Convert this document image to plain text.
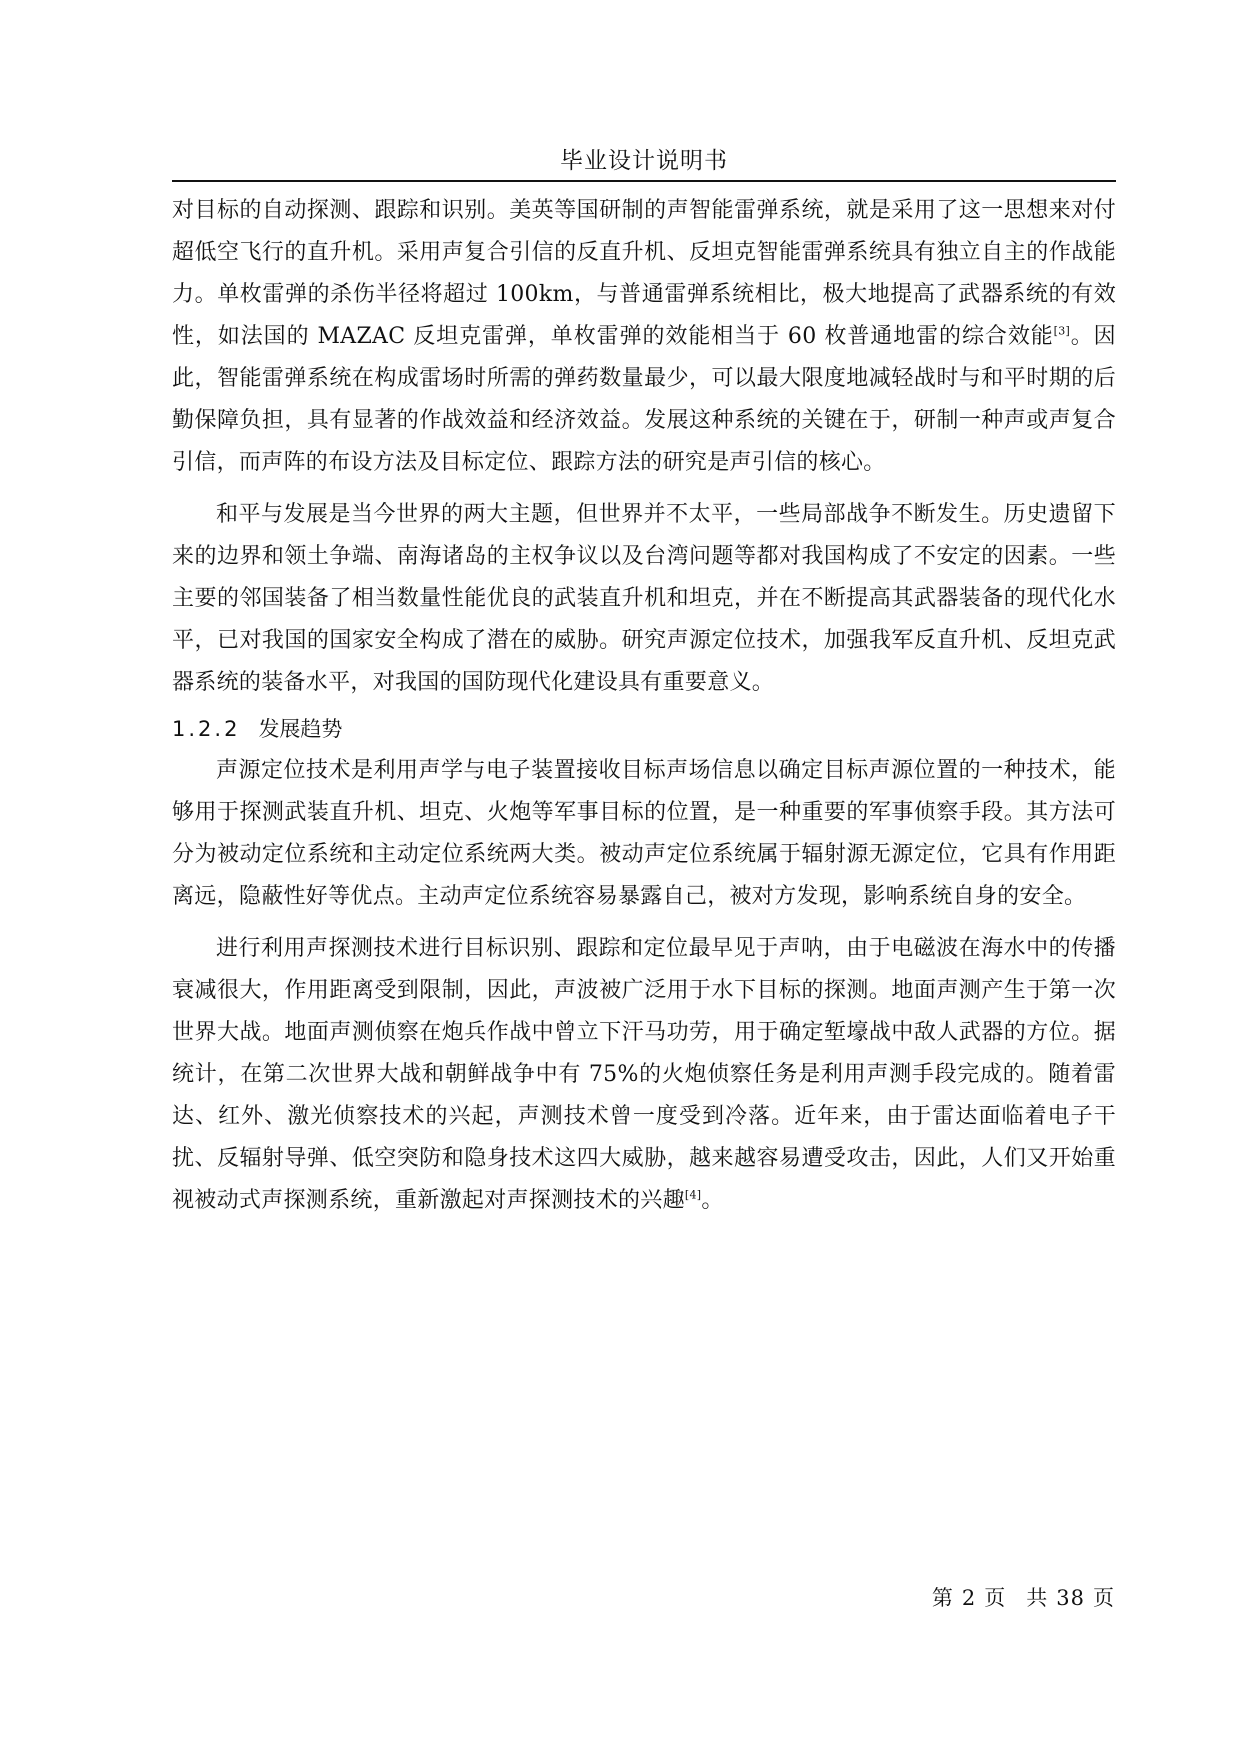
毕业设计说明书

对目标的自动探测、跟踪和识别。美英等国研制的声智能雷弹系统，就是采用了这一思想来对付超低空飞行的直升机。采用声复合引信的反直升机、反坦克智能雷弹系统具有独立自主的作战能力。单枚雷弹的杀伤半径将超过 100km，与普通雷弹系统相比，极大地提高了武器系统的有效性，如法国的 MAZAC 反坦克雷弹，单枚雷弹的效能相当于 60 枚普通地雷的综合效能[3]。因此，智能雷弹系统在构成雷场时所需的弹药数量最少，可以最大限度地减轻战时与和平时期的后勤保障负担，具有显著的作战效益和经济效益。发展这种系统的关键在于，研制一种声或声复合引信，而声阵的布设方法及目标定位、跟踪方法的研究是声引信的核心。

和平与发展是当今世界的两大主题，但世界并不太平，一些局部战争不断发生。历史遗留下来的边界和领土争端、南海诸岛的主权争议以及台湾问题等都对我国构成了不安定的因素。一些主要的邻国装备了相当数量性能优良的武装直升机和坦克，并在不断提高其武器装备的现代化水平，已对我国的国家安全构成了潜在的威胁。研究声源定位技术，加强我军反直升机、反坦克武器系统的装备水平，对我国的国防现代化建设具有重要意义。

1.2.2 发展趋势

声源定位技术是利用声学与电子装置接收目标声场信息以确定目标声源位置的一种技术，能够用于探测武装直升机、坦克、火炮等军事目标的位置，是一种重要的军事侦察手段。其方法可分为被动定位系统和主动定位系统两大类。被动声定位系统属于辐射源无源定位，它具有作用距离远，隐蔽性好等优点。主动声定位系统容易暴露自己，被对方发现，影响系统自身的安全。

进行利用声探测技术进行目标识别、跟踪和定位最早见于声呐，由于电磁波在海水中的传播衰减很大，作用距离受到限制，因此，声波被广泛用于水下目标的探测。地面声测产生于第一次世界大战。地面声测侦察在炮兵作战中曾立下汗马功劳，用于确定堑壕战中敌人武器的方位。据统计，在第二次世界大战和朝鲜战争中有 75%的火炮侦察任务是利用声测手段完成的。随着雷达、红外、激光侦察技术的兴起，声测技术曾一度受到冷落。近年来，由于雷达面临着电子干扰、反辐射导弹、低空突防和隐身技术这四大威胁，越来越容易遭受攻击，因此，人们又开始重视被动式声探测系统，重新激起对声探测技术的兴趣[4]。

第 2 页 共 38 页
